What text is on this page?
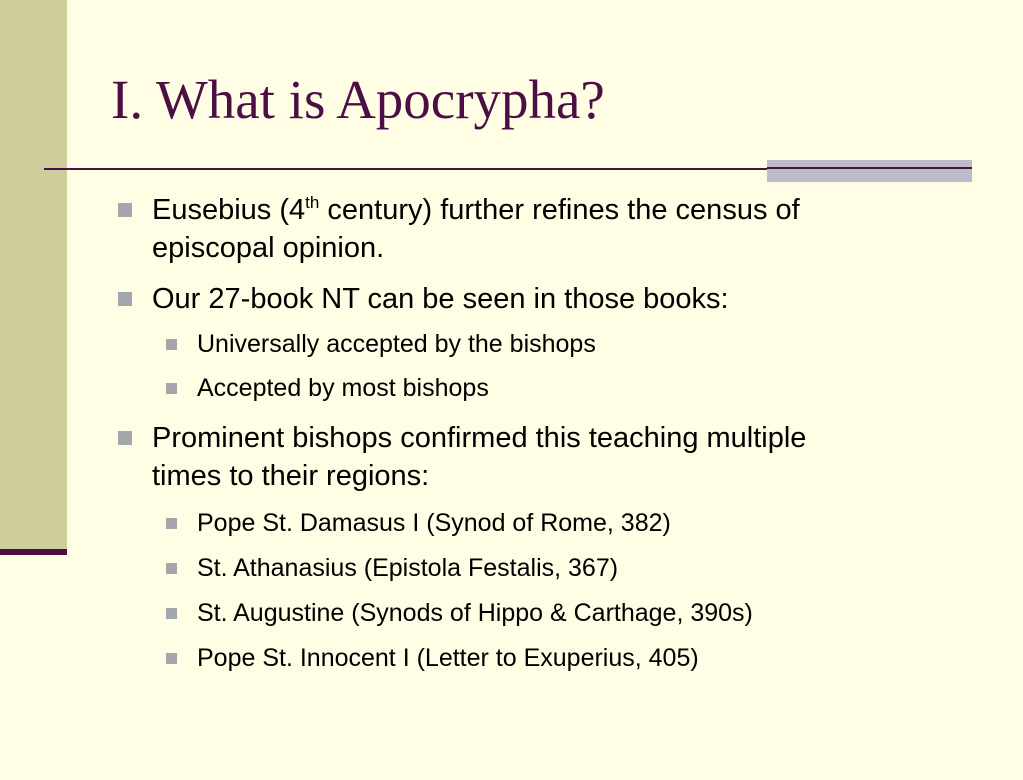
I. What is Apocrypha?
Eusebius (4th century) further refines the census of
episcopal opinion.
Our 27-book NT can be seen in those books:
Universally accepted by the bishops
Accepted by most bishops
Prominent bishops confirmed this teaching multiple
times to their regions:
Pope St. Damasus I (Synod of Rome, 382)
St. Athanasius (Epistola Festalis, 367)
St. Augustine (Synods of Hippo & Carthage, 390s)
Pope St. Innocent I (Letter to Exuperius, 405)
